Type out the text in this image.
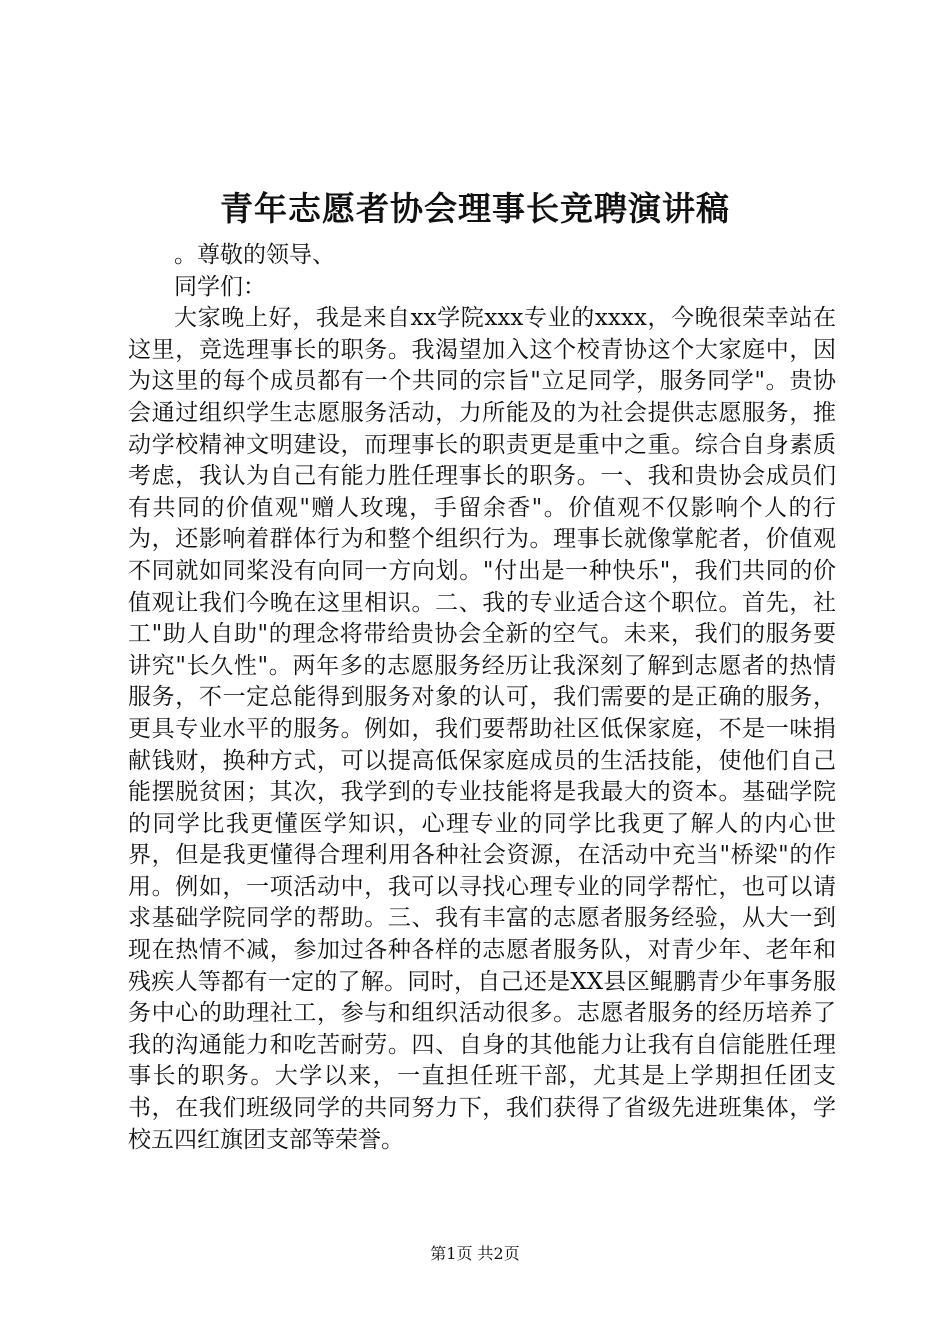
青年志愿者协会理事长竞聘演讲稿

。尊敬的领导、

同学们：

大家晚上好，我是来自xx学院xxx专业的xxxx，今晚很荣幸站在这里，竞选理事长的职务。我渴望加入这个校青协这个大家庭中，因为这里的每个成员都有一个共同的宗旨"立足同学，服务同学"。贵协会通过组织学生志愿服务活动，力所能及的为社会提供志愿服务，推动学校精神文明建设，而理事长的职责更是重中之重。综合自身素质考虑，我认为自己有能力胜任理事长的职务。一、我和贵协会成员们有共同的价值观"赠人玫瑰，手留余香"。价值观不仅影响个人的行为，还影响着群体行为和整个组织行为。理事长就像掌舵者，价值观不同就如同桨没有向同一方向划。"付出是一种快乐"，我们共同的价值观让我们今晚在这里相识。二、我的专业适合这个职位。首先，社工"助人自助"的理念将带给贵协会全新的空气。未来，我们的服务要讲究"长久性"。两年多的志愿服务经历让我深刻了解到志愿者的热情服务，不一定总能得到服务对象的认可，我们需要的是正确的服务，更具专业水平的服务。例如，我们要帮助社区低保家庭，不是一味捐献钱财，换种方式，可以提高低保家庭成员的生活技能，使他们自己能摆脱贫困；其次，我学到的专业技能将是我最大的资本。基础学院的同学比我更懂医学知识，心理专业的同学比我更了解人的内心世界，但是我更懂得合理利用各种社会资源，在活动中充当"桥梁"的作用。例如，一项活动中，我可以寻找心理专业的同学帮忙，也可以请求基础学院同学的帮助。三、我有丰富的志愿者服务经验，从大一到现在热情不减，参加过各种各样的志愿者服务队，对青少年、老年和残疾人等都有一定的了解。同时，自己还是XX县区鲲鹏青少年事务服务中心的助理社工，参与和组织活动很多。志愿者服务的经历培养了我的沟通能力和吃苦耐劳。四、自身的其他能力让我有自信能胜任理事长的职务。大学以来，一直担任班干部，尤其是上学期担任团支书，在我们班级同学的共同努力下，我们获得了省级先进班集体，学校五四红旗团支部等荣誉。

第1页 共2页
